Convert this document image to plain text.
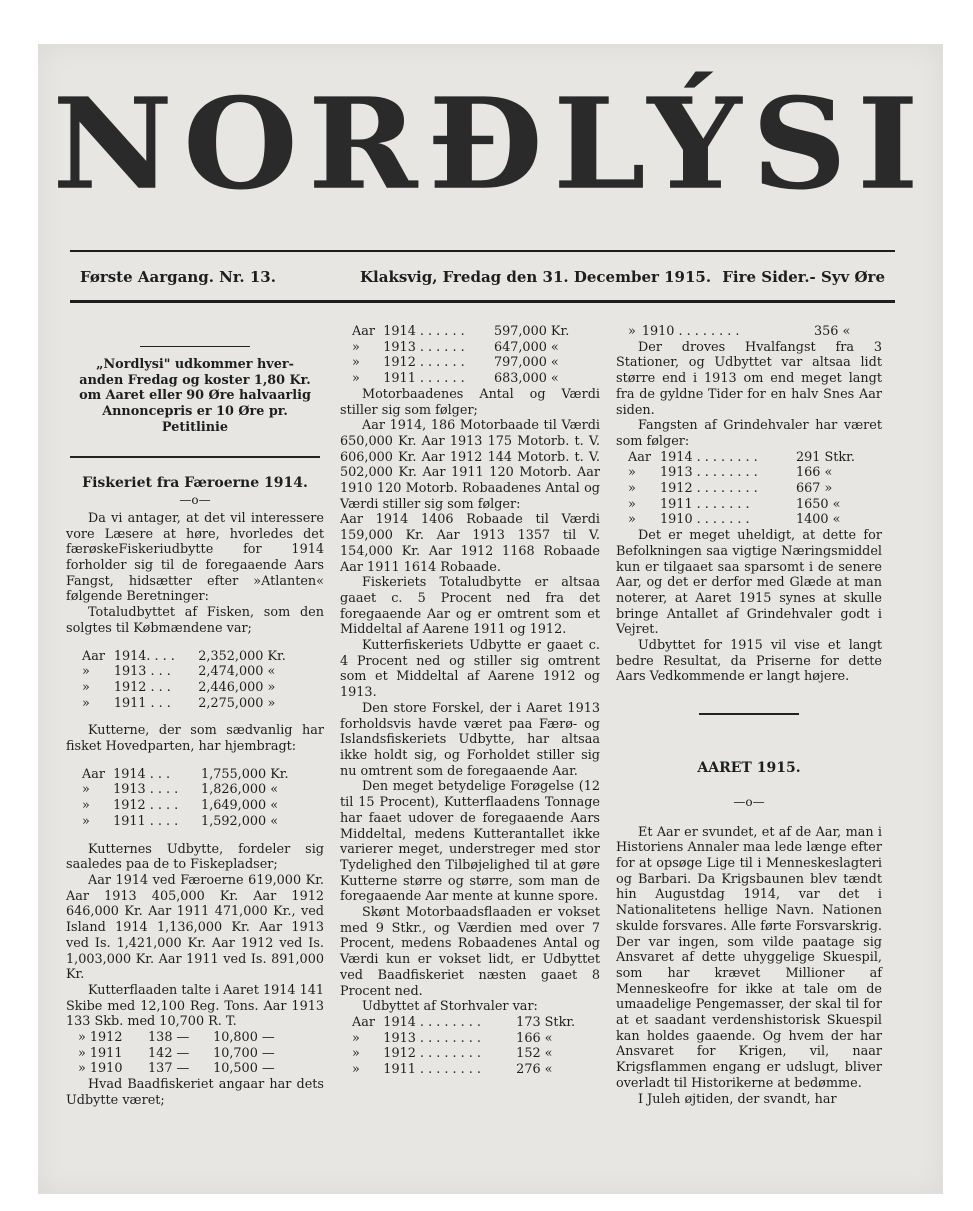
NORÐLÝSI
Første Aargang. Nr. 13.	Klaksvig, Fredag den 31. December 1915. Fire Sider.- Syv Øre

„Nordlysi" udkommer hver-

anden Fredag og koster 1,80 Kr.

om Aaret eller 90 Øre halvaarlig

Annoncepris er 10 Øre pr.

Petitlinie

Fiskeriet fra Færoerne 1914.

—o—

Da vi antager, at det vil interessere vore Læsere at høre, hvorledes det færøskeFiskeriudbytte for 1914 forholder sig til de foregaaende Aars Fangst, hidsætter efter »Atlanten« følgende Beretninger:

Totaludbyttet af Fisken, som den solgtes til Købmændene var;

Aar	1914. . . .	2,352,000 Kr.
»	1913 . . .	2,474,000 «
»	1912 . . .	2,446,000 »
»	1911 . . .	2,275,000 »

Kutterne, der som sædvanlig har fisket Hovedparten, har hjembragt:

Aar	1914 . . .	1,755,000 Kr.
»	1913 . . . .	1,826,000 «
»	1912 . . . .	1,649,000 «
»	1911 . . . .	1,592,000 «

Kutternes Udbytte, fordeler sig saaledes paa de to Fiskepladser;

Aar 1914 ved Færoerne 619,000 Kr. Aar 1913 405,000 Kr. Aar 1912 646,000 Kr. Aar 1911 471,000 Kr., ved Island 1914 1,136,000 Kr. Aar 1913 ved Is. 1,421,000 Kr. Aar 1912 ved Is. 1,003,000 Kr. Aar 1911 ved Is. 891,000 Kr.

Kutterflaaden talte i Aaret 1914 141 Skibe med 12,100 Reg. Tons. Aar 1913 133 Skb. med 10,700 R. T.

» 1912	138 —	10,800 —
» 1911	142 —	10,700 —
» 1910	137 —	10,500 —

Hvad Baadfiskeriet angaar har dets Udbytte været;

Aar	1914 . . . . . .	597,000 Kr.
»	1913 . . . . . .	647,000 «
»	1912 . . . . . .	797,000 «
»	1911 . . . . . .	683,000 «

Motorbaadenes Antal og Værdi stiller sig som følger;

Aar 1914, 186 Motorbaade til Værdi 650,000 Kr. Aar 1913 175 Motorb. t. V. 606,000 Kr. Aar 1912 144 Motorb. t. V. 502,000 Kr. Aar 1911 120 Motorb. Aar 1910 120 Motorb. Robaadenes Antal og Værdi stiller sig som følger:

Aar 1914 1406 Robaade til Værdi 159,000 Kr. Aar 1913 1357 til V. 154,000 Kr. Aar 1912 1168 Robaade Aar 1911 1614 Robaade.

Fiskeriets Totaludbytte er altsaa gaaet c. 5 Procent ned fra det foregaaende Aar og er omtrent som et Middeltal af Aarene 1911 og 1912.

Kutterfiskeriets Udbytte er gaaet c. 4 Procent ned og stiller sig omtrent som et Middeltal af Aarene 1912 og 1913.

Den store Forskel, der i Aaret 1913 forholdsvis havde været paa Færø- og Islandsfiskeriets Udbytte, har altsaa ikke holdt sig, og Forholdet stiller sig nu omtrent som de foregaaende Aar.

Den meget betydelige Forøgelse (12 til 15 Procent), Kutterflaadens Tonnage har faaet udover de foregaaende Aars Middeltal, medens Kutterantallet ikke varierer meget, understreger med stor Tydelighed den Tilbøjelighed til at gøre Kutterne større og større, som man de foregaaende Aar mente at kunne spore.

Skønt Motorbaadsflaaden er vokset med 9 Stkr., og Værdien med over 7 Procent, medens Robaadenes Antal og Værdi kun er vokset lidt, er Udbyttet ved Baadfiskeriet næsten gaaet 8 Procent ned.

Udbyttet af Storhvaler var:

Aar	1914 . . . . . . . .	173 Stkr.
»	1913 . . . . . . . .	166 «
»	1912 . . . . . . . .	152 «
»	1911 . . . . . . . .	276 «
»	1910 . . . . . . . .	356 «

Der droves Hvalfangst fra 3 Stationer, og Udbyttet var altsaa lidt større end i 1913 om end meget langt fra de gyldne Tider for en halv Snes Aar siden.

Fangsten af Grindehvaler har været som følger:

Aar	1914 . . . . . . . .	291 Stkr.
»	1913 . . . . . . . .	166 «
»	1912 . . . . . . . .	667 »
»	1911 . . . . . . .	1650 «
»	1910 . . . . . . .	1400 «

Det er meget uheldigt, at dette for Befolkningen saa vigtige Næringsmiddel kun er tilgaaet saa sparsomt i de senere Aar, og det er derfor med Glæde at man noterer, at Aaret 1915 synes at skulle bringe Antallet af Grindehvaler godt i Vejret.

Udbyttet for 1915 vil vise et langt bedre Resultat, da Priserne for dette Aars Vedkommende er langt højere.

AARET 1915.

—o—

Et Aar er svundet, et af de Aar, man i Historiens Annaler maa lede længe efter for at opsøge Lige til i Menneskeslagteri og Barbari. Da Krigsbaunen blev tændt hin Augustdag 1914, var det i Nationalitetens hellige Navn. Nationen skulde forsvares. Alle førte Forsvarskrig. Der var ingen, som vilde paatage sig Ansvaret af dette uhyggelige Skuespil, som har krævet Millioner af Menneskeofre for ikke at tale om de umaadelige Pengemasser, der skal til for at et saadant verdenshistorisk Skuespil kan holdes gaaende. Og hvem der har Ansvaret for Krigen, vil, naar Krigsflammen engang er udslugt, bliver overladt til Historikerne at bedømme.

I Juleh øjtiden, der svandt, har
